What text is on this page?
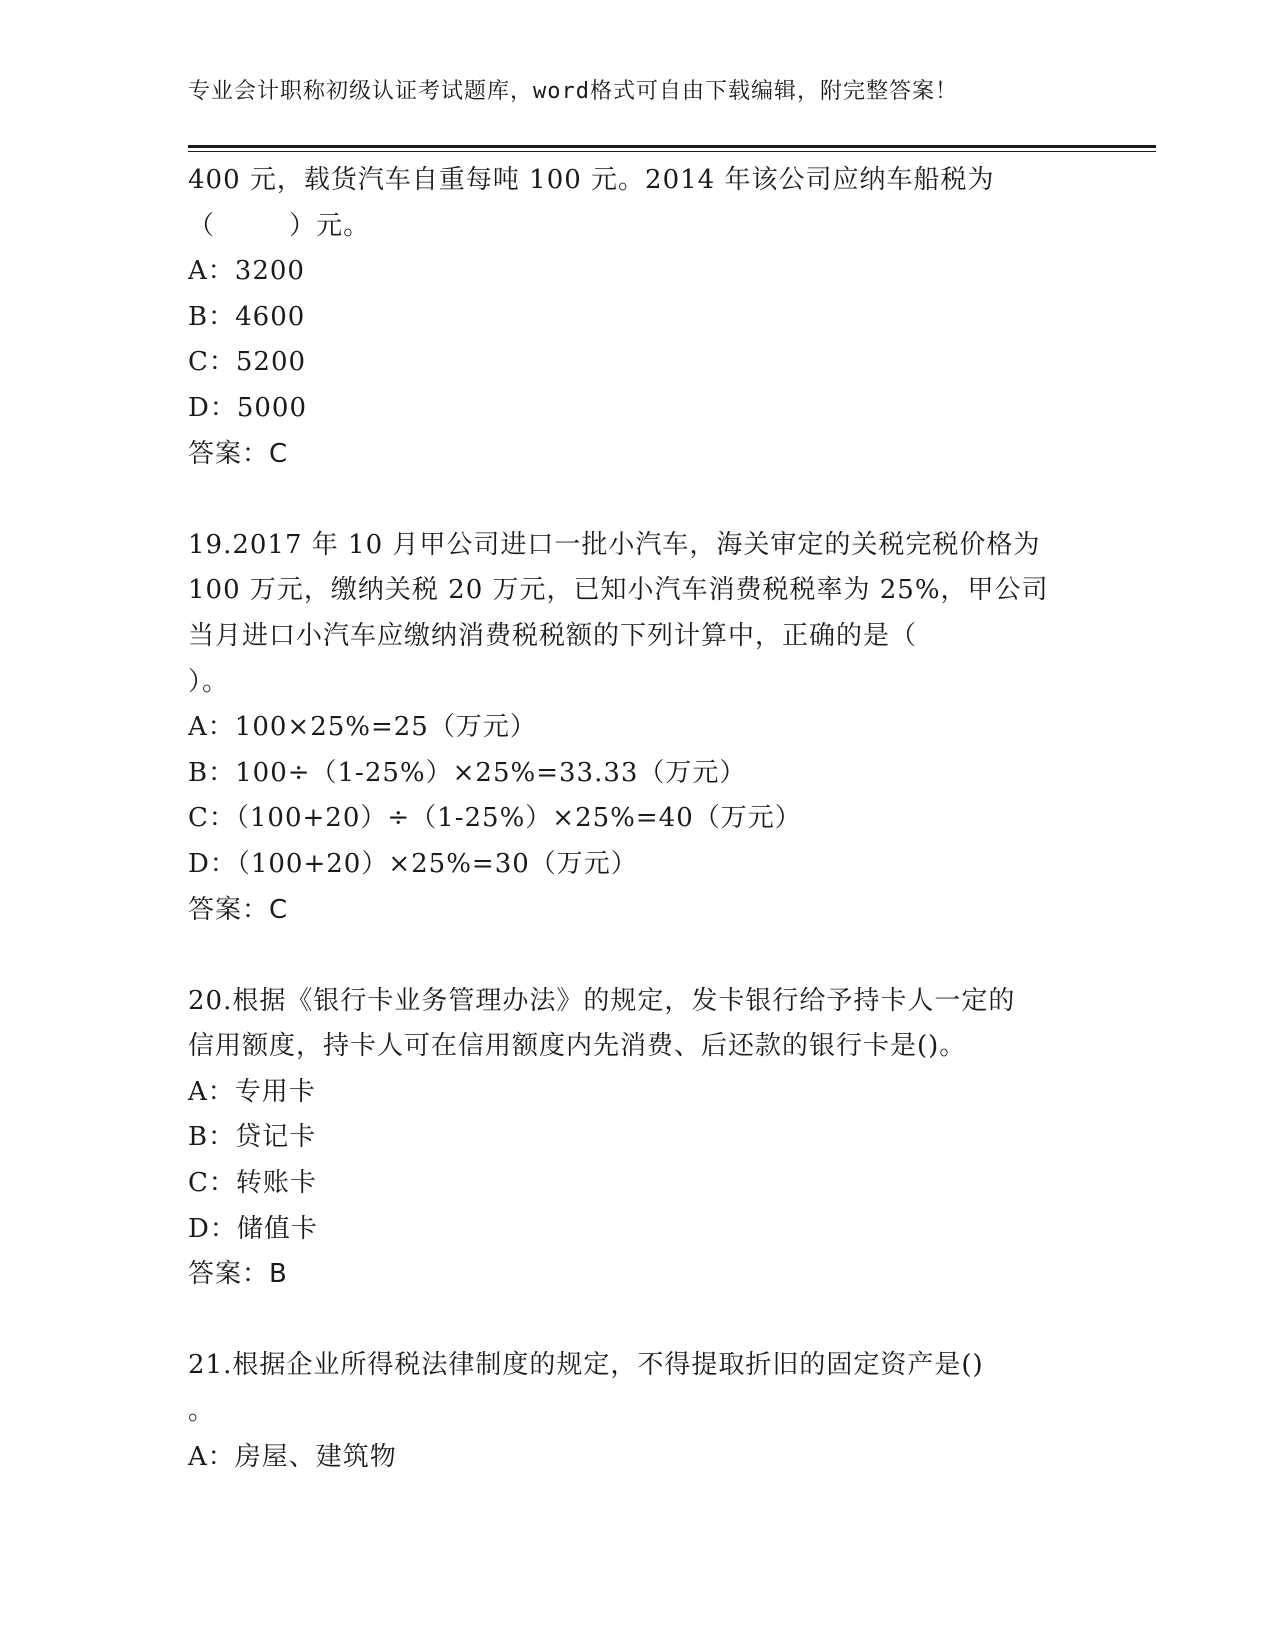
专业会计职称初级认证考试题库，word格式可自由下载编辑，附完整答案！
400 元，载货汽车自重每吨 100 元。2014 年该公司应纳车船税为
（        ）元。
A：3200
B：4600
C：5200
D：5000
答案：C
19.2017 年 10 月甲公司进口一批小汽车，海关审定的关税完税价格为
100 万元，缴纳关税 20 万元，已知小汽车消费税税率为 25%，甲公司
当月进口小汽车应缴纳消费税税额的下列计算中，正确的是（
）。
A：100×25%=25（万元）
B：100÷（1-25%）×25%=33.33（万元）
C：（100+20）÷（1-25%）×25%=40（万元）
D：（100+20）×25%=30（万元）
答案：C
20.根据《银行卡业务管理办法》的规定，发卡银行给予持卡人一定的
信用额度，持卡人可在信用额度内先消费、后还款的银行卡是()。
A：专用卡
B：贷记卡
C：转账卡
D：储值卡
答案：B
21.根据企业所得税法律制度的规定，不得提取折旧的固定资产是()
。
A：房屋、建筑物
